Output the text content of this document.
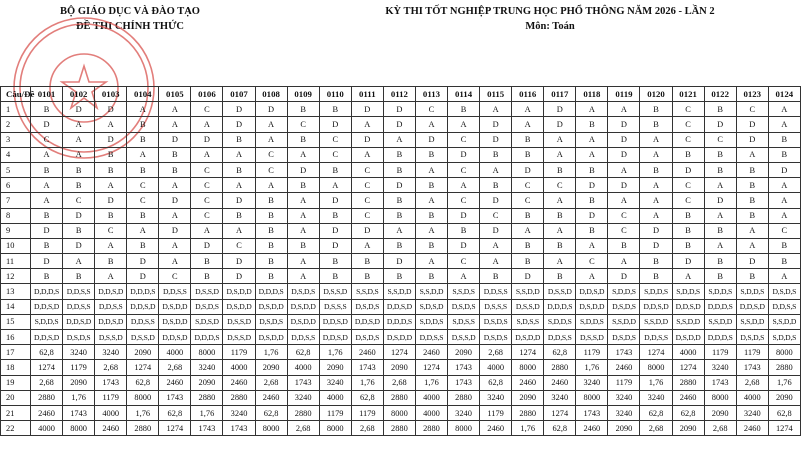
BỘ GIÁO DỤC VÀ ĐÀO TẠO
ĐỀ THI CHÍNH THỨC
KỲ THI TỐT NGHIỆP TRUNG HỌC PHỔ THÔNG NĂM 2026 - LẦN 2
Môn: Toán
Câu/Đề	0101	0102	0103	0104	0105	0106	0107	0108	0109	0110	0111	0112	0113	0114	0115	0116	0117	0118	0119	0120	0121	0122	0123	0124
1	B	D	D	A	A	C	D	D	B	B	D	D	C	B	A	A	D	A	A	B	C	B	C	A
2	D	A	A	B	A	A	D	A	C	D	A	D	A	A	D	A	D	B	D	B	C	D	D	A
3	C	A	D	B	D	D	B	A	B	C	D	A	D	C	D	B	A	A	D	A	C	C	D	B
4	A	A	B	A	B	A	A	C	A	C	A	B	B	D	B	B	A	A	D	A	B	B	A	B
5	B	B	B	B	B	C	B	C	D	B	C	B	A	C	A	D	B	B	A	B	D	B	B	D
6	A	B	A	C	A	C	A	A	B	A	C	D	B	A	B	C	C	D	D	A	C	A	B	A
7	A	C	D	C	D	C	D	B	A	D	C	B	A	C	D	C	A	B	A	A	C	D	B	A
8	B	D	B	B	A	C	B	B	A	B	C	B	B	D	C	B	B	D	C	A	B	A	B	A
9	D	B	C	A	D	A	A	B	A	D	D	A	A	B	D	A	A	B	C	D	B	B	A	C
10	B	D	A	B	A	D	C	B	B	D	A	B	B	D	A	B	B	A	B	D	B	A	A	B
11	D	A	B	D	A	B	D	B	A	B	B	D	A	C	A	B	A	C	A	B	D	B	D	B
12	B	B	A	D	C	B	D	B	A	B	B	B	B	A	B	D	B	A	D	B	A	B	B	A
13	D,D,D,S	D,D,S,S	D,D,S,D	D,D,D,S	D,D,S,S	D,S,S,D	D,S,D,D	D,D,D,S	D,S,D,S	D,S,S,D	S,S,D,S	S,S,D,D	S,S,D,D	S,S,D,S	D,D,S,S	S,S,D,D	D,S,S,D	D,D,S,D	S,D,D,S	S,D,D,S	S,D,D,S	S,D,D,S	S,D,D,S	D,S,D,S
14	D,D,S,D	D,D,S,S	D,D,S,S	D,D,S,D	D,S,D,D	D,S,D,S	D,S,D,D	D,S,D,D	D,S,D,D	D,S,S,S	D,S,D,S	D,D,S,D	S,D,S,D	D,S,D,S	D,S,S,S	D,S,S,D	D,D,D,S	D,S,D,D	D,S,D,S	D,D,S,D	D,D,S,D	D,D,D,S	D,D,S,D	D,D,S,S
15	S,D,D,S	D,D,S,D	D,D,S,D	D,D,S,S	D,S,D,D	S,D,S,D	D,S,S,D	D,S,D,S	D,S,D,D	D,D,S,D	D,D,S,D	D,D,D,S	S,D,D,S	S,D,S,S	D,S,D,S	S,D,S,S	S,D,D,S	S,D,D,S	S,S,D,D	S,S,D,D	S,S,D,D	S,S,D,D	S,S,D,D	S,S,D,D
16	D,D,S,D	D,S,D,S	D,S,S,D	D,S,S,D	D,D,S,D	D,D,D,S	D,S,S,D	D,S,D,D	D,D,S,S	D,D,S,D	D,S,D,S	D,S,D,D	D,D,S,S	D,S,S,D	D,S,D,S	D,S,D,D	D,D,S,S	D,S,S,D	D,S,D,S	D,D,S,S	D,S,D,D	D,D,D,S	D,S,D,S	S,D,D,S
17	62,8	3240	3240	2090	4000	8000	1179	1,76	62,8	1,76	2460	1274	2460	2090	2,68	1274	62,8	1179	1743	1274	4000	1179	1179	8000
18	1274	1179	2,68	1274	2,68	3240	4000	2090	4000	2090	1743	2090	1274	1743	4000	8000	2880	1,76	2460	8000	1274	3240	1743	2880
19	2,68	2090	1743	62,8	2460	2090	2460	2,68	1743	3240	1,76	2,68	1,76	1743	62,8	2460	2460	3240	1179	1,76	2880	1743	2,68	1,76
20	2880	1,76	1179	8000	1743	2880	2880	2460	3240	4000	62,8	2880	4000	2880	3240	2090	3240	8000	3240	3240	2460	8000	4000	2090
21	2460	1743	4000	1,76	62,8	1,76	3240	62,8	2880	1179	1179	8000	4000	3240	1179	2880	1274	1743	3240	62,8	62,8	2090	3240	62,8
22	4000	8000	2460	2880	1274	1743	1743	8000	2,68	8000	2,68	2880	2880	8000	2460	1,76	62,8	2460	2090	2,68	2090	2,68	2460	1274
